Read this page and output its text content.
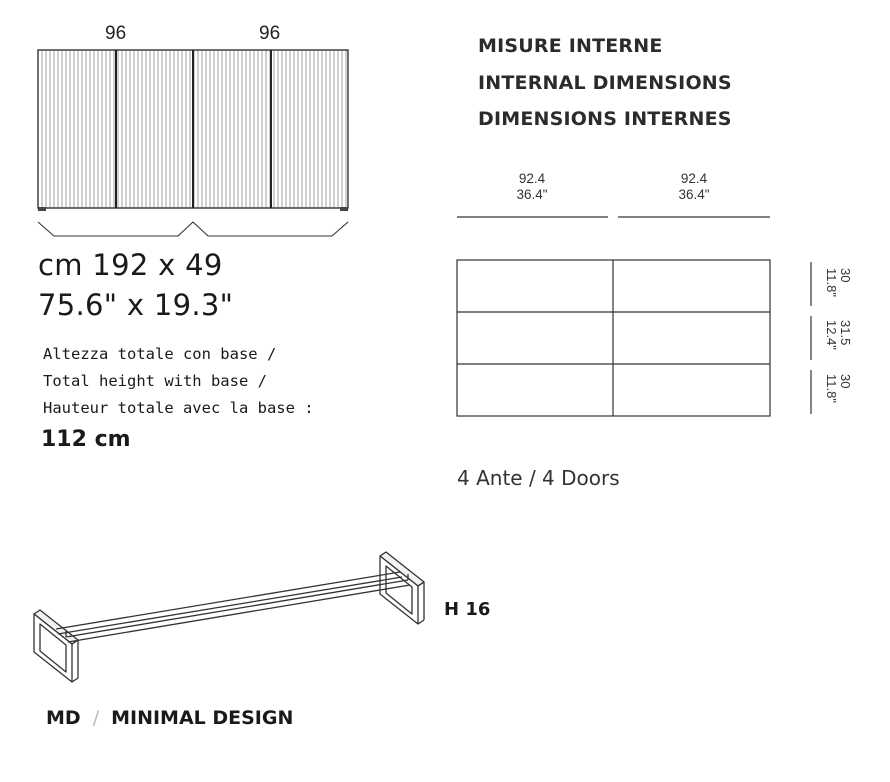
96	96
cm 192 x 49
75.6" x 19.3"
Altezza totale con base /
Total height with base /
Hauteur totale avec la base :
112 cm
MISURE INTERNE
INTERNAL DIMENSIONS
DIMENSIONS INTERNES
92.4
36.4"
92.4
36.4"
30
11.8"
31.5
12.4"
30
11.8"
4 Ante / 4 Doors
H 16
MD / MINIMAL DESIGN
